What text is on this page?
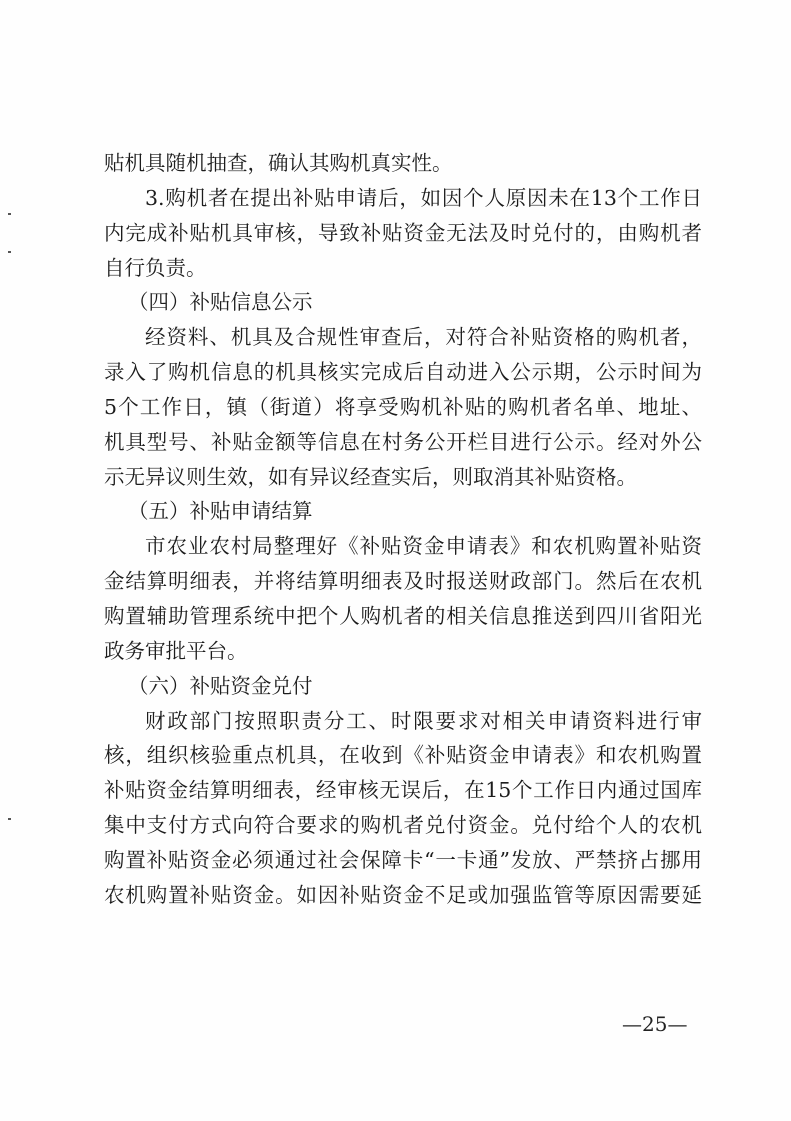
贴机具随机抽查，确认其购机真实性。
3.购机者在提出补贴申请后，如因个人原因未在13个工作日
内完成补贴机具审核，导致补贴资金无法及时兑付的，由购机者
自行负责。
（四）补贴信息公示
经资料、机具及合规性审查后，对符合补贴资格的购机者，
录入了购机信息的机具核实完成后自动进入公示期，公示时间为
5个工作日，镇（街道）将享受购机补贴的购机者名单、地址、
机具型号、补贴金额等信息在村务公开栏目进行公示。经对外公
示无异议则生效，如有异议经查实后，则取消其补贴资格。
（五）补贴申请结算
市农业农村局整理好《补贴资金申请表》和农机购置补贴资
金结算明细表，并将结算明细表及时报送财政部门。然后在农机
购置辅助管理系统中把个人购机者的相关信息推送到四川省阳光
政务审批平台。
（六）补贴资金兑付
财政部门按照职责分工、时限要求对相关申请资料进行审
核，组织核验重点机具，在收到《补贴资金申请表》和农机购置
补贴资金结算明细表，经审核无误后，在15个工作日内通过国库
集中支付方式向符合要求的购机者兑付资金。兑付给个人的农机
购置补贴资金必须通过社会保障卡“一卡通”发放、严禁挤占挪用
农机购置补贴资金。如因补贴资金不足或加强监管等原因需要延
—25—
